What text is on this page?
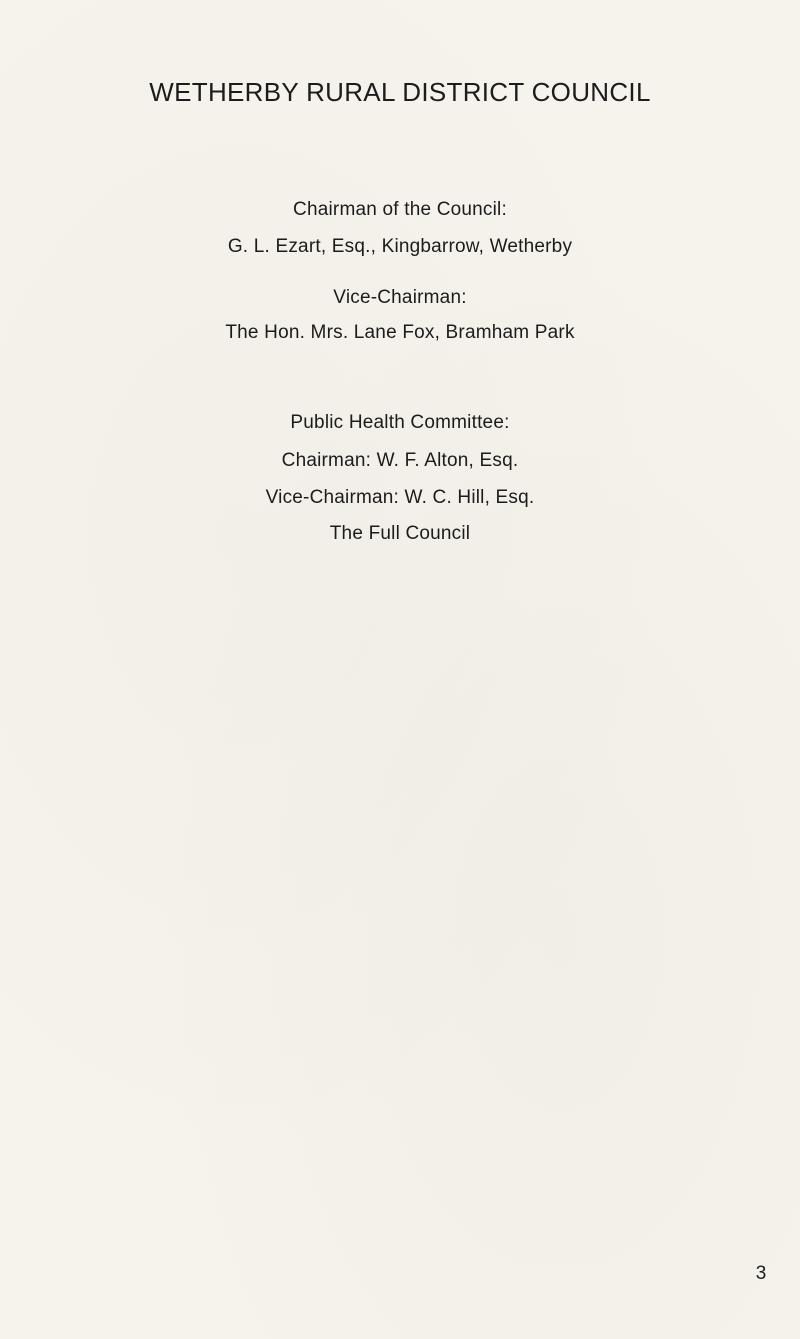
WETHERBY RURAL DISTRICT COUNCIL
Chairman of the Council:
G. L. Ezart, Esq., Kingbarrow, Wetherby
Vice-Chairman:
The Hon. Mrs. Lane Fox, Bramham Park
Public Health Committee:
Chairman: W. F. Alton, Esq.
Vice-Chairman: W. C. Hill, Esq.
The Full Council
3
